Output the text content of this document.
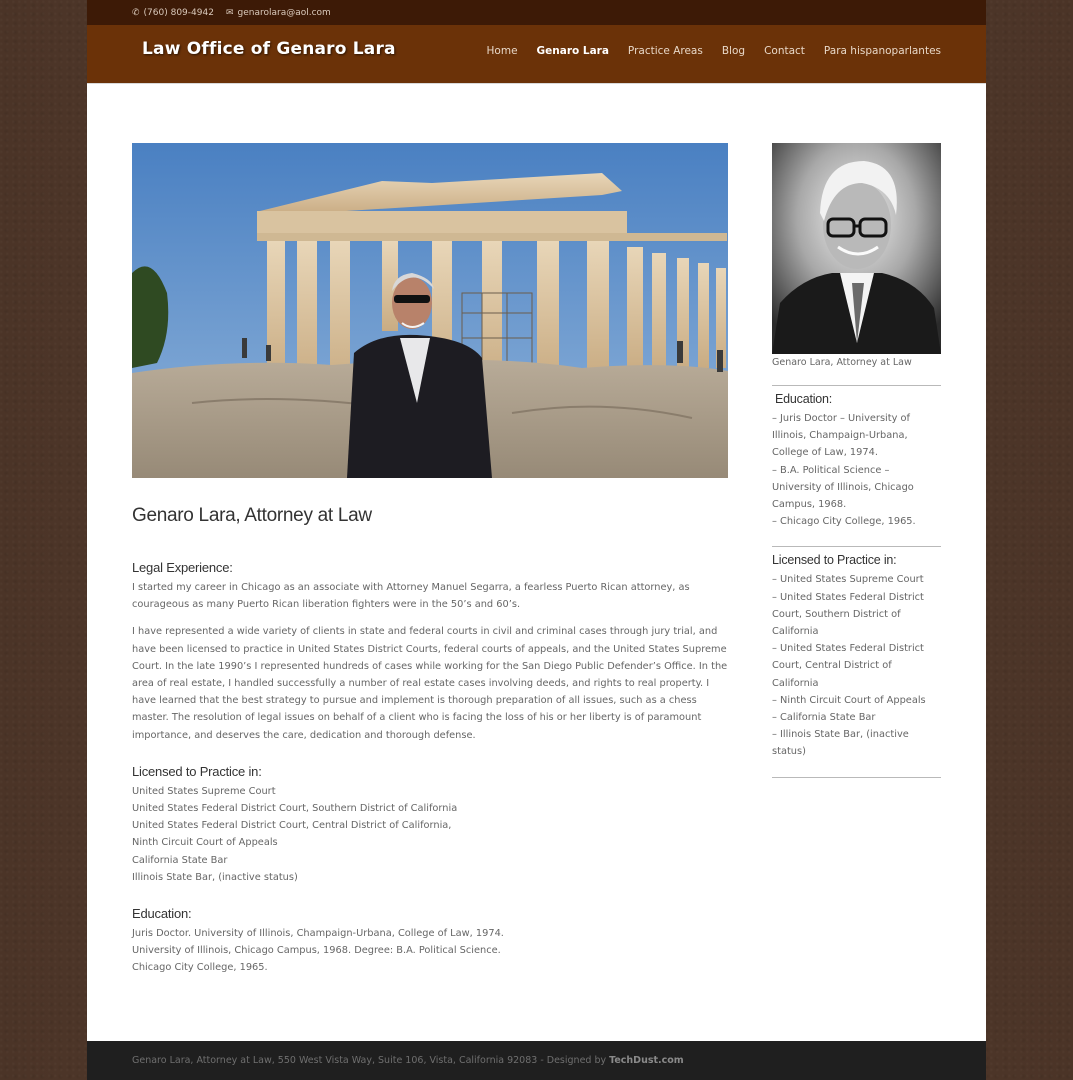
✆ (760) 809-4942 ✉ genarolara@aol.com
Law Office of Genaro Lara	Home Genaro Lara Practice Areas Blog Contact Para hispanoparlantes
Genaro Lara, Attorney at Law
Legal Experience:

I started my career in Chicago as an associate with Attorney Manuel Segarra, a fearless Puerto Rican attorney, as courageous as many Puerto Rican liberation fighters were in the 50’s and 60’s.

I have represented a wide variety of clients in state and federal courts in civil and criminal cases through jury trial, and have been licensed to practice in United States District Courts, federal courts of appeals, and the United States Supreme Court. In the late 1990’s I represented hundreds of cases while working for the San Diego Public Defender’s Office. In the area of real estate, I handled successfully a number of real estate cases involving deeds, and rights to real property. I have learned that the best strategy to pursue and implement is thorough preparation of all issues, such as a chess master. The resolution of legal issues on behalf of a client who is facing the loss of his or her liberty is of paramount importance, and deserves the care, dedication and thorough defense.

Licensed to Practice in:
United States Supreme Court
United States Federal District Court, Southern District of California
United States Federal District Court, Central District of California,
Ninth Circuit Court of Appeals
California State Bar
Illinois State Bar, (inactive status)
Education:
Juris Doctor. University of Illinois, Champaign-Urbana, College of Law, 1974.
University of Illinois, Chicago Campus, 1968. Degree: B.A. Political Science.
Chicago City College, 1965.
Genaro Lara, Attorney at Law
Education:
– Juris Doctor – University of Illinois, Champaign-Urbana, College of Law, 1974.
– B.A. Political Science – University of Illinois, Chicago Campus, 1968.
– Chicago City College, 1965.
Licensed to Practice in:
– United States Supreme Court
– United States Federal District Court, Southern District of California
– United States Federal District Court, Central District of California
– Ninth Circuit Court of Appeals
– California State Bar
– Illinois State Bar, (inactive status)
Genaro Lara, Attorney at Law, 550 West Vista Way, Suite 106, Vista, California 92083 - Designed by TechDust.com
